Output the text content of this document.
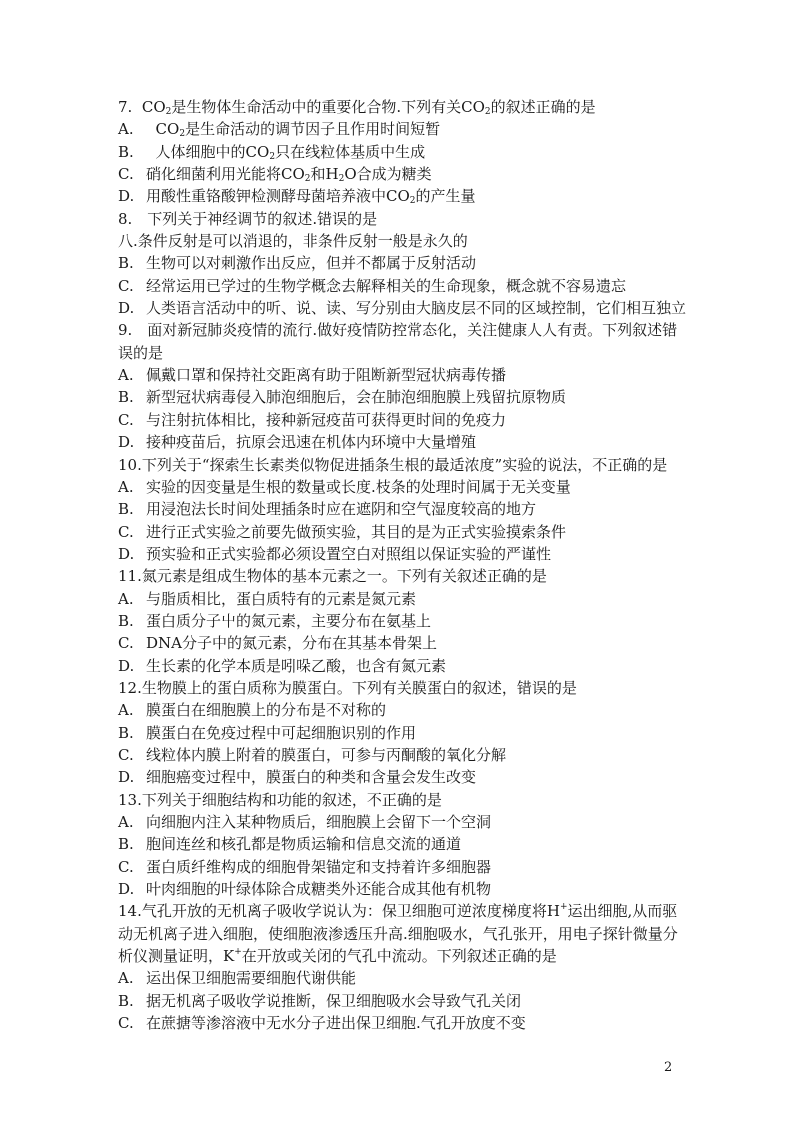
7. $CO_2$是生物体生命活动中的重要化合物.下列有关$CO_2$的叙述正确的是
A. $CO_2$是生命活动的调节因子且作用时间短暂
B. 人体细胞中的$CO_2$只在线粒体基质中生成
C. 硝化细菌利用光能将$CO_2$和$H_2O$合成为糖类
D. 用酸性重铬酸钾检测酵母菌培养液中$CO_2$的产生量
8.　下列关于神经调节的叙述.错误的是
八.条件反射是可以消退的，非条件反射一般是永久的
B. 生物可以对刺激作出反应，但并不都属于反射活动
C. 经常运用已学过的生物学概念去解释相关的生命现象，概念就不容易遗忘
D. 人类语言活动中的听、说、读、写分别由大脑皮层不同的区域控制，它们相互独立
9.　面对新冠肺炎疫情的流行.做好疫情防控常态化，关注健康人人有责。下列叙述错误的是
A. 佩戴口罩和保持社交距离有助于阻断新型冠状病毒传播
B. 新型冠状病毒侵入肺泡细胞后，会在肺泡细胞膜上残留抗原物质
C. 与注射抗体相比，接种新冠疫苗可获得更时间的免疫力
D. 接种疫苗后，抗原会迅速在机体内环境中大量增殖
10.下列关于“探索生长素类似物促进插条生根的最适浓度”实验的说法，不正确的是
A. 实验的因变量是生根的数量或长度.枝条的处理时间属于无关变量
B. 用浸泡法长时间处理插条时应在遮阴和空气湿度较高的地方
C. 进行正式实验之前要先做预实验，其目的是为正式实验摸索条件
D. 预实验和正式实验都必须设置空白对照组以保证实验的严谨性
11.氮元素是组成生物体的基本元素之一。下列有关叙述正确的是
A. 与脂质相比，蛋白质特有的元素是氮元素
B. 蛋白质分子屮的氮元素，主要分布在氨基上
C. DNA分子中的氮元素，分布在其基本骨架上
D. 生长素的化学本质是吲哚乙酸，也含有氮元素
12.生物膜上的蛋白质称为膜蛋白。下列有关膜蛋白的叙述，错误的是
A. 膜蛋白在细胞膜上的分布是不对称的
B. 膜蛋白在免疫过程中可起细胞识别的作用
C. 线粒体内膜上附着的膜蛋白，可参与丙酮酸的氧化分解
D. 细胞癌变过程中，膜蛋白的种类和含量会发生改变
13.下列关于细胞结构和功能的叙述，不正确的是
A. 向细胞内注入某种物质后，细胞膜上会留下一个空洞
B. 胞间连丝和核孔都是物质运输和信息交流的通道
C. 蛋白质纤维构成的细胞骨架锚定和支持着许多细胞器
D. 叶肉细胞的叶绿体除合成糖类外还能合成其他有机物
14.气孔开放的无机离子吸收学说认为：保卫细胞可逆浓度梯度将H+运出细胞,从而驱动无机离子进入细胞，使细胞液渗透压升高.细胞吸水，气孔张开，用电子探针微量分析仪测量证明，K+在开放或关闭的气孔中流动。下列叙述正确的是
A. 运出保卫细胞需要细胞代谢供能
B. 据无机离子吸收学说推断，保卫细胞吸水会导致气孔关闭
C. 在蔗搪等渗溶液中无水分子进出保卫细胞.气孔开放度不变
2
